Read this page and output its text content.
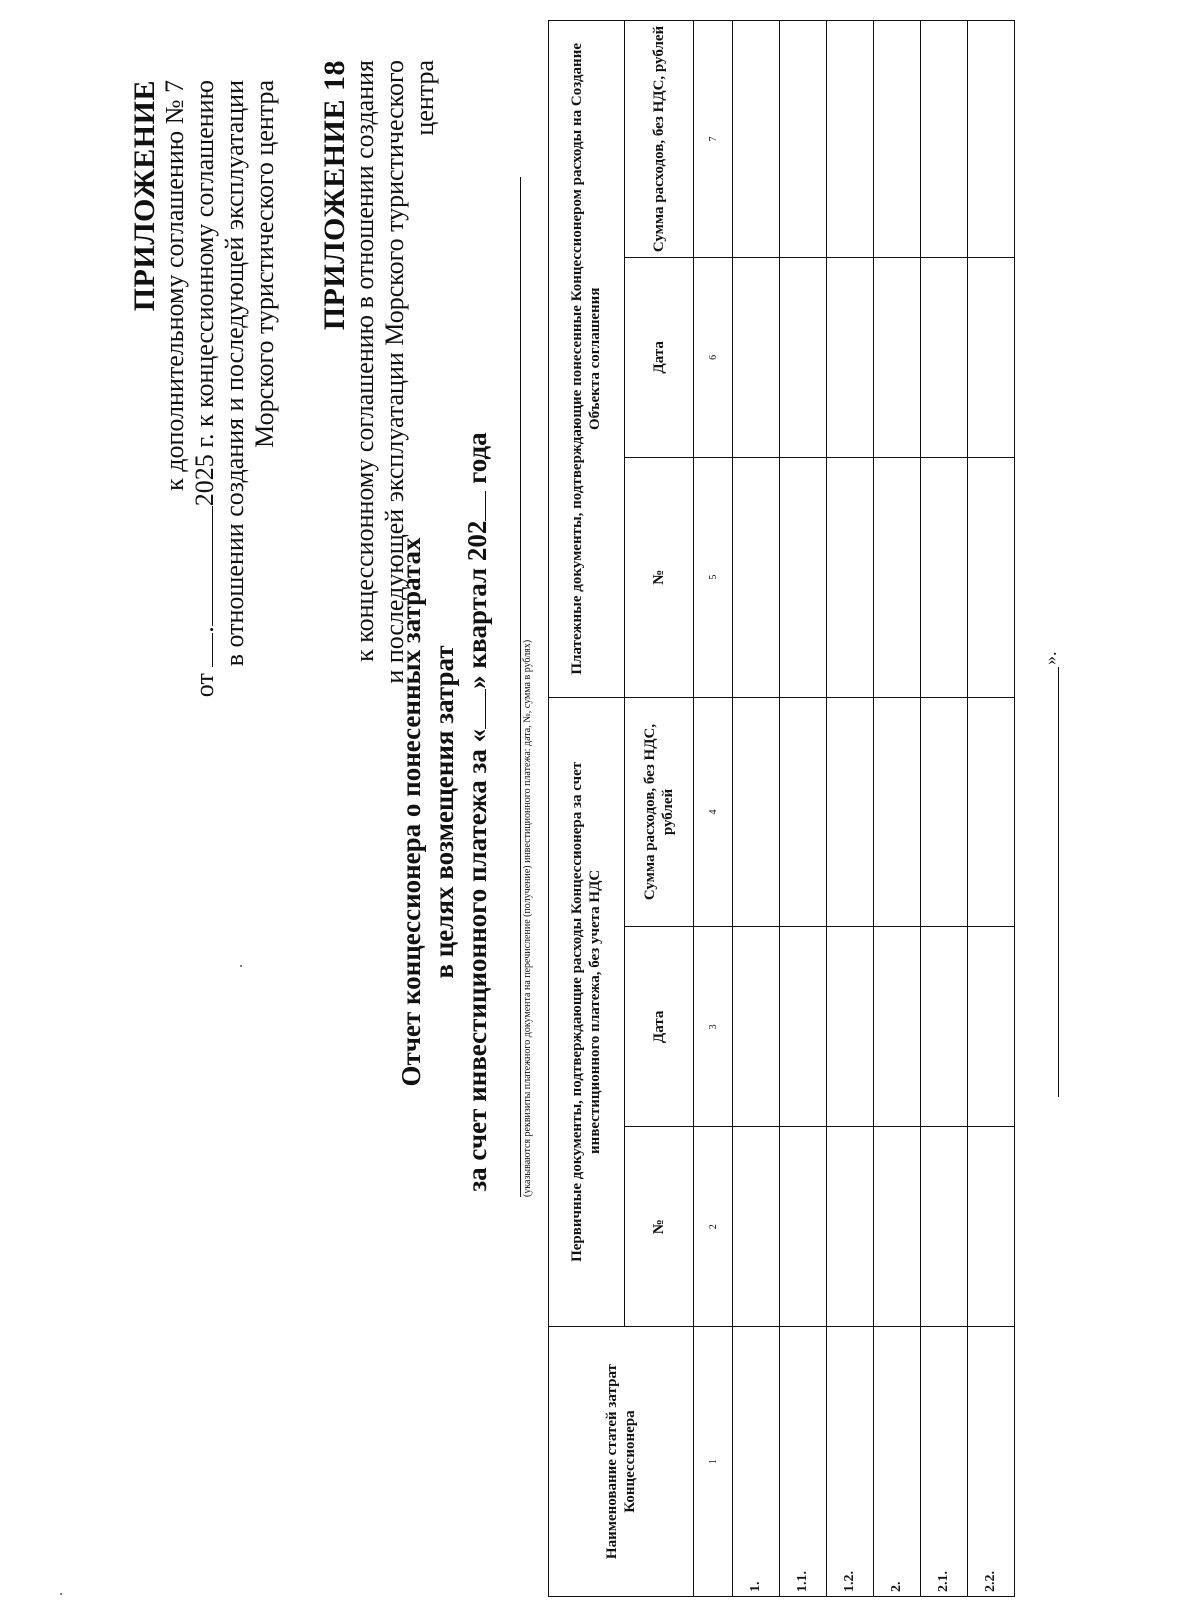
ПРИЛОЖЕНИЕ к дополнительному соглашению № 7
от .2025 г. к концессионному соглашению в отношении создания и последующей эксплуатации Морского туристического центра ПРИЛОЖЕНИЕ 18 к концессионному соглашению в отношении создания и последующей эксплуатации Морского туристического центра
Отчет концессионера о понесенных затратах в целях возмещения затрат за счет инвестиционного платежа за «» квартал 202 года
(указываются реквизиты платежного документа на перечисление (получение) инвестиционного платежа: дата, №, сумма в рублях)
Наименование статей затрат Концессионера	Первичные документы, подтверждающие расходы Концессионера за счет инвестиционного платежа, без учета НДС			Платежные документы, подтверждающие понесенные Концессионером расходы на Создание Объекта соглашения		
	№	Дата	Сумма расходов, без НДС, рублей	№	Дата	Сумма расходов, без НДС, рублей
1	2	3	4	5	6	7
1.						
1.1.						
1.2.						
2.						
2.1.						
2.2.						
».
